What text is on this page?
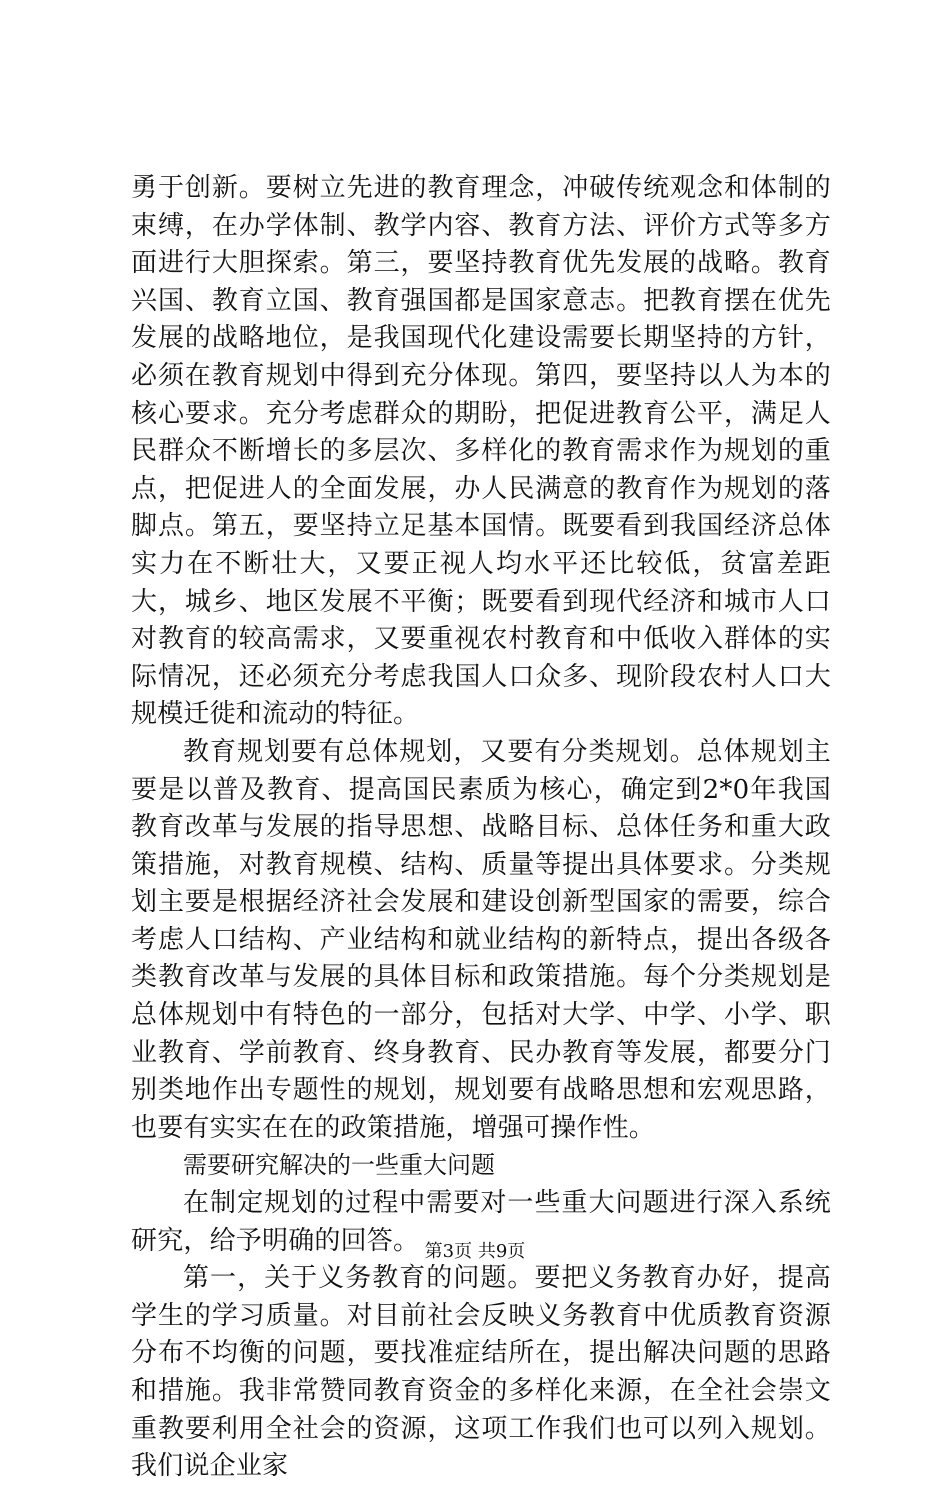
勇于创新。要树立先进的教育理念，冲破传统观念和体制的束缚，在办学体制、教学内容、教育方法、评价方式等多方面进行大胆探索。第三，要坚持教育优先发展的战略。教育兴国、教育立国、教育强国都是国家意志。把教育摆在优先发展的战略地位，是我国现代化建设需要长期坚持的方针，必须在教育规划中得到充分体现。第四，要坚持以人为本的核心要求。充分考虑群众的期盼，把促进教育公平，满足人民群众不断增长的多层次、多样化的教育需求作为规划的重点，把促进人的全面发展，办人民满意的教育作为规划的落脚点。第五，要坚持立足基本国情。既要看到我国经济总体实力在不断壮大，又要正视人均水平还比较低，贫富差距大，城乡、地区发展不平衡；既要看到现代经济和城市人口对教育的较高需求，又要重视农村教育和中低收入群体的实际情况，还必须充分考虑我国人口众多、现阶段农村人口大规模迁徙和流动的特征。

教育规划要有总体规划，又要有分类规划。总体规划主要是以普及教育、提高国民素质为核心，确定到2*0年我国教育改革与发展的指导思想、战略目标、总体任务和重大政策措施，对教育规模、结构、质量等提出具体要求。分类规划主要是根据经济社会发展和建设创新型国家的需要，综合考虑人口结构、产业结构和就业结构的新特点，提出各级各类教育改革与发展的具体目标和政策措施。每个分类规划是总体规划中有特色的一部分，包括对大学、中学、小学、职业教育、学前教育、终身教育、民办教育等发展，都要分门别类地作出专题性的规划，规划要有战略思想和宏观思路，也要有实实在在的政策措施，增强可操作性。

需要研究解决的一些重大问题

在制定规划的过程中需要对一些重大问题进行深入系统研究，给予明确的回答。

第一，关于义务教育的问题。要把义务教育办好，提高学生的学习质量。对目前社会反映义务教育中优质教育资源分布不均衡的问题，要找准症结所在，提出解决问题的思路和措施。我非常赞同教育资金的多样化来源，在全社会崇文重教要利用全社会的资源，这项工作我们也可以列入规划。我们说企业家

第3页 共9页
